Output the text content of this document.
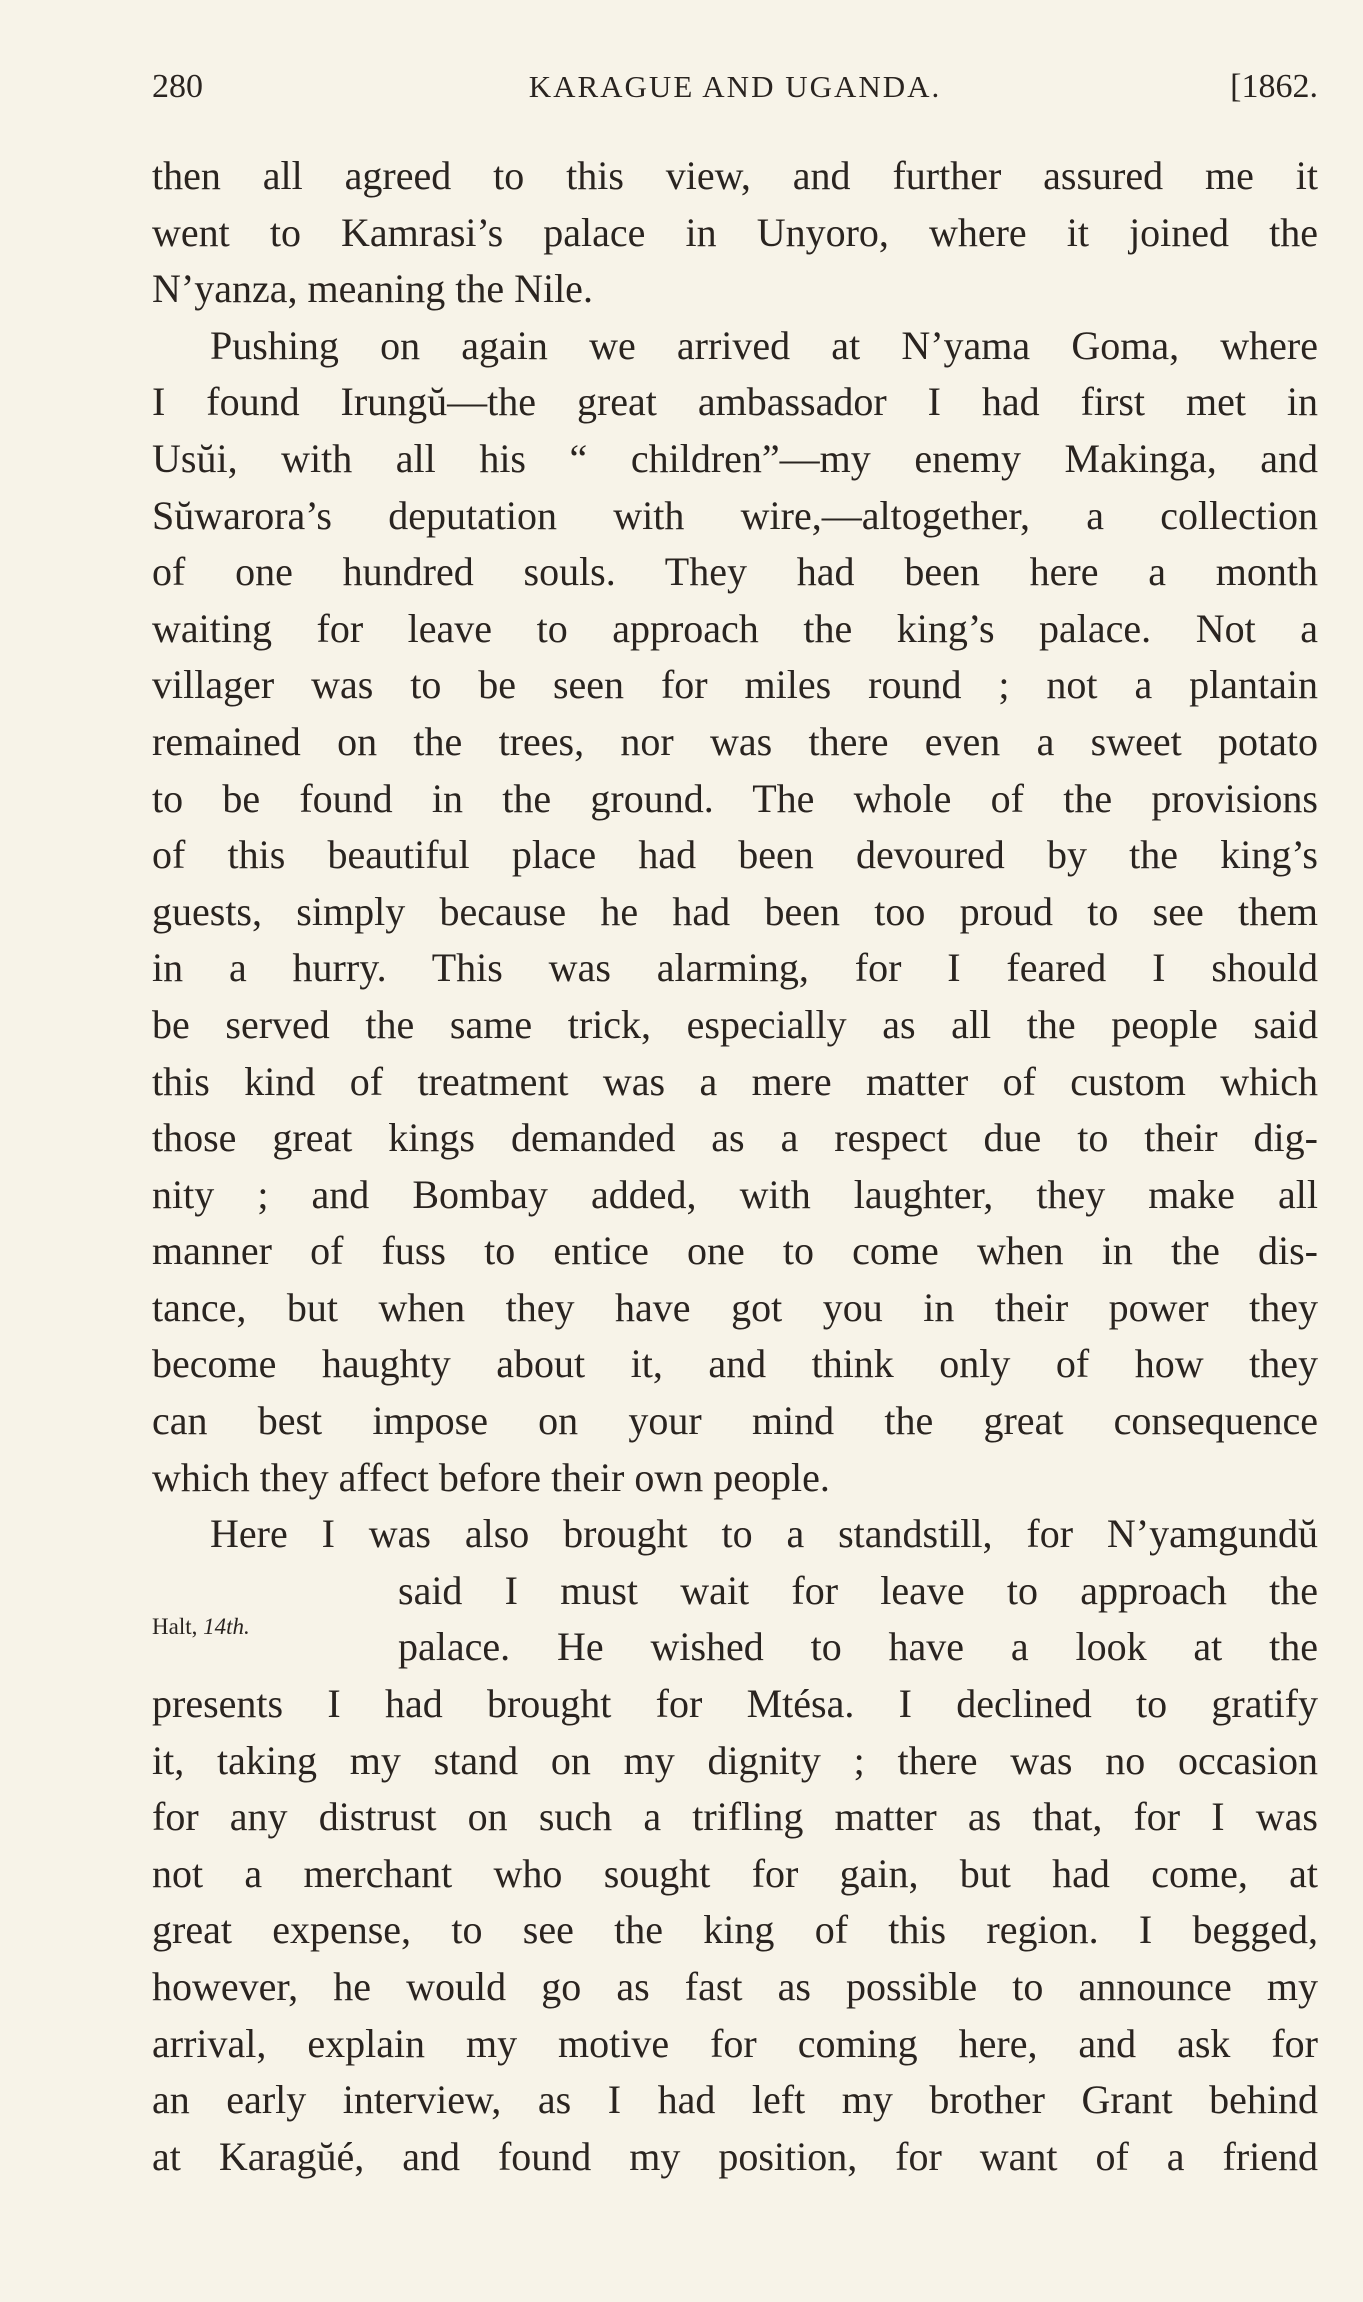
280	KARAGUE AND UGANDA.	[1862.
Halt, 14th.
then all agreed to this view, and further assured me it
went to Kamrasi’s palace in Unyoro, where it joined the
N’yanza, meaning the Nile.
Pushing on again we arrived at N’yama Goma, where
I found Irungŭ—the great ambassador I had first met in
Usŭi, with all his “ children”—my enemy Makinga, and
Sŭwarora’s deputation with wire,—altogether, a collection
of one hundred souls. They had been here a month
waiting for leave to approach the king’s palace. Not a
villager was to be seen for miles round ; not a plantain
remained on the trees, nor was there even a sweet potato
to be found in the ground. The whole of the provisions
of this beautiful place had been devoured by the king’s
guests, simply because he had been too proud to see them
in a hurry. This was alarming, for I feared I should
be served the same trick, especially as all the people said
this kind of treatment was a mere matter of custom which
those great kings demanded as a respect due to their dig-
nity ; and Bombay added, with laughter, they make all
manner of fuss to entice one to come when in the dis-
tance, but when they have got you in their power they
become haughty about it, and think only of how they
can best impose on your mind the great consequence
which they affect before their own people.
Here I was also brought to a standstill, for N’yamgundŭ
said I must wait for leave to approach the
palace. He wished to have a look at the
presents I had brought for Mtésa. I declined to gratify
it, taking my stand on my dignity ; there was no occasion
for any distrust on such a trifling matter as that, for I was
not a merchant who sought for gain, but had come, at
great expense, to see the king of this region. I begged,
however, he would go as fast as possible to announce my
arrival, explain my motive for coming here, and ask for
an early interview, as I had left my brother Grant behind
at Karagŭé, and found my position, for want of a friend
